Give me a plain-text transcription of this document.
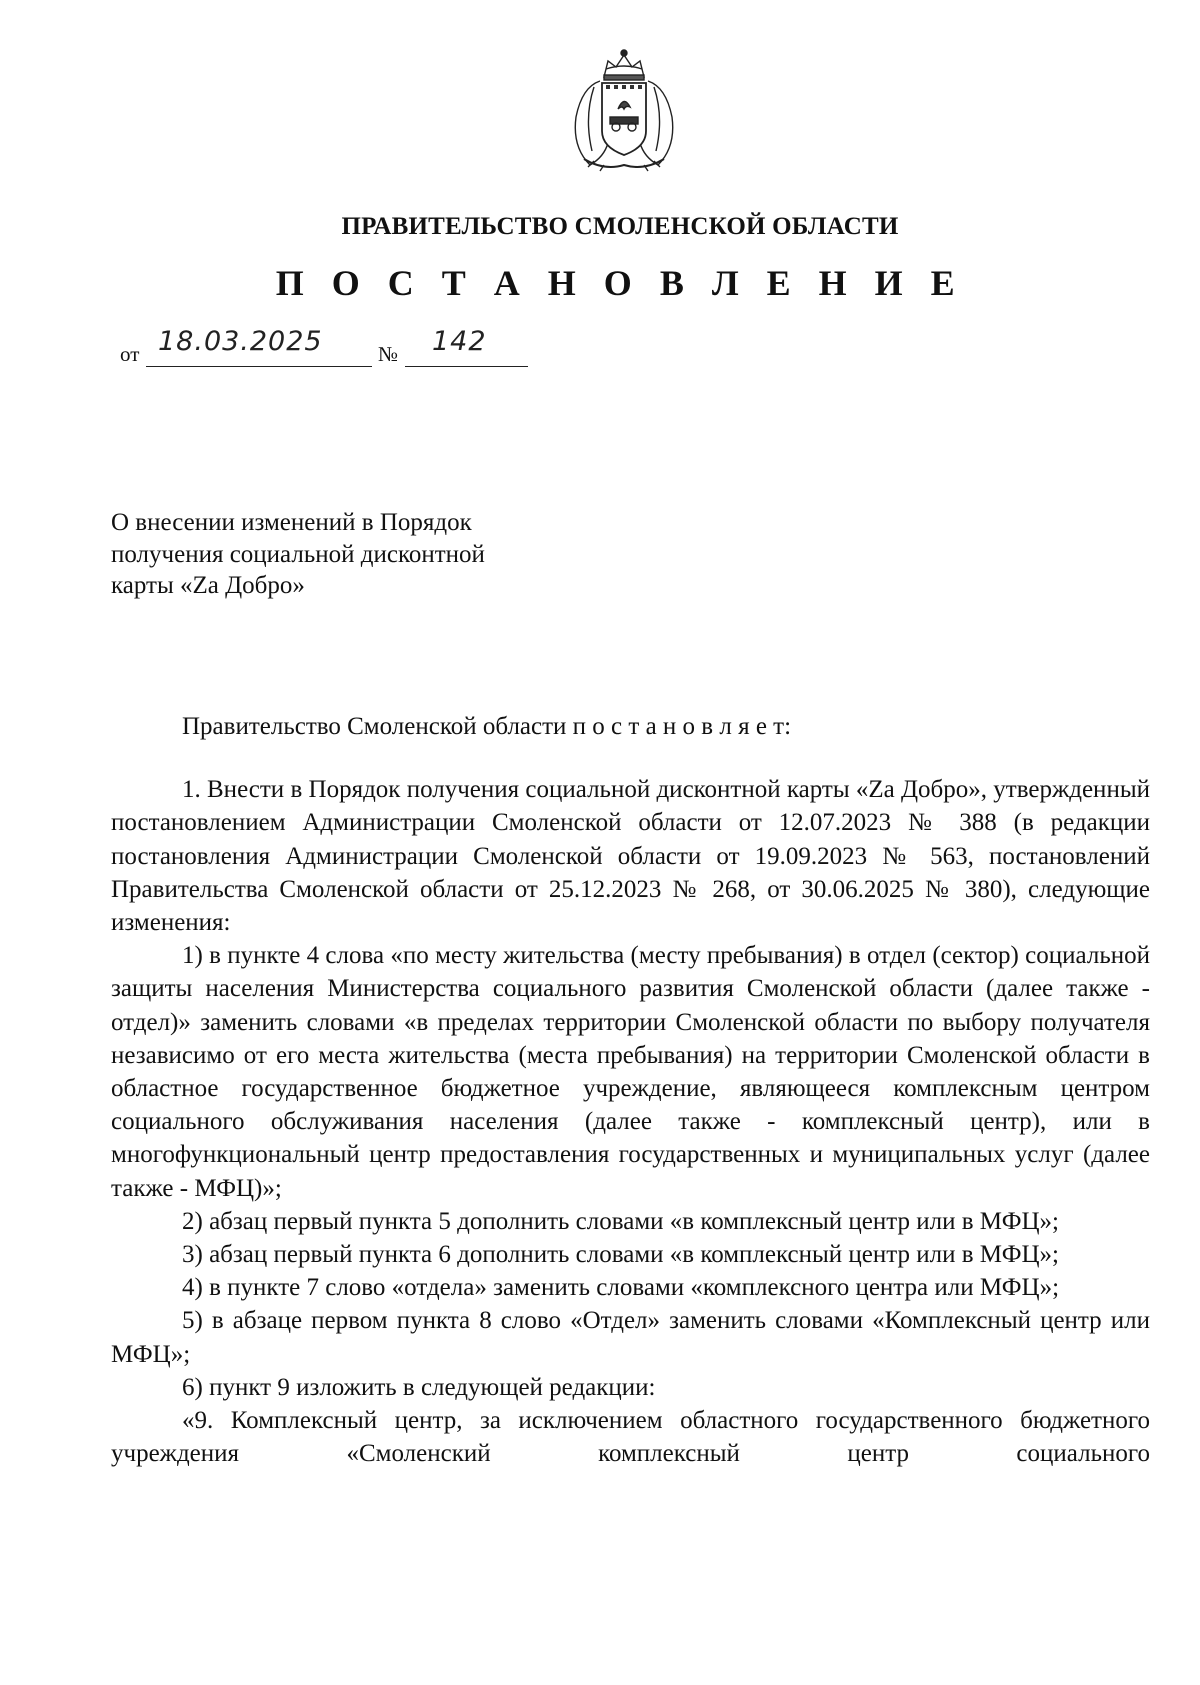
ПРАВИТЕЛЬСТВО СМОЛЕНСКОЙ ОБЛАСТИ
П О С Т А Н О В Л Е Н И Е
от 18.03.2025	№ 142
О внесении изменений в Порядок
получения социальной дисконтной
карты «Za Добро»

Правительство Смоленской области п о с т а н о в л я е т:

1. Внести в Порядок получения социальной дисконтной карты «Za Добро», утвержденный постановлением Администрации Смоленской области от 12.07.2023 № 388 (в редакции постановления Администрации Смоленской области от 19.09.2023 № 563, постановлений Правительства Смоленской области от 25.12.2023 № 268, от 30.06.2025 № 380), следующие изменения:

1) в пункте 4 слова «по месту жительства (месту пребывания) в отдел (сектор) социальной защиты населения Министерства социального развития Смоленской области (далее также - отдел)» заменить словами «в пределах территории Смоленской области по выбору получателя независимо от его места жительства (места пребывания) на территории Смоленской области в областное государственное бюджетное учреждение, являющееся комплексным центром социального обслуживания населения (далее также - комплексный центр), или в многофункциональный центр предоставления государственных и муниципальных услуг (далее также - МФЦ)»;

2) абзац первый пункта 5 дополнить словами «в комплексный центр или в МФЦ»;

3) абзац первый пункта 6 дополнить словами «в комплексный центр или в МФЦ»;

4) в пункте 7 слово «отдела» заменить словами «комплексного центра или МФЦ»;

5) в абзаце первом пункта 8 слово «Отдел» заменить словами «Комплексный центр или МФЦ»;

6) пункт 9 изложить в следующей редакции:

«9. Комплексный центр, за исключением областного государственного бюджетного учреждения «Смоленский комплексный центр социального
